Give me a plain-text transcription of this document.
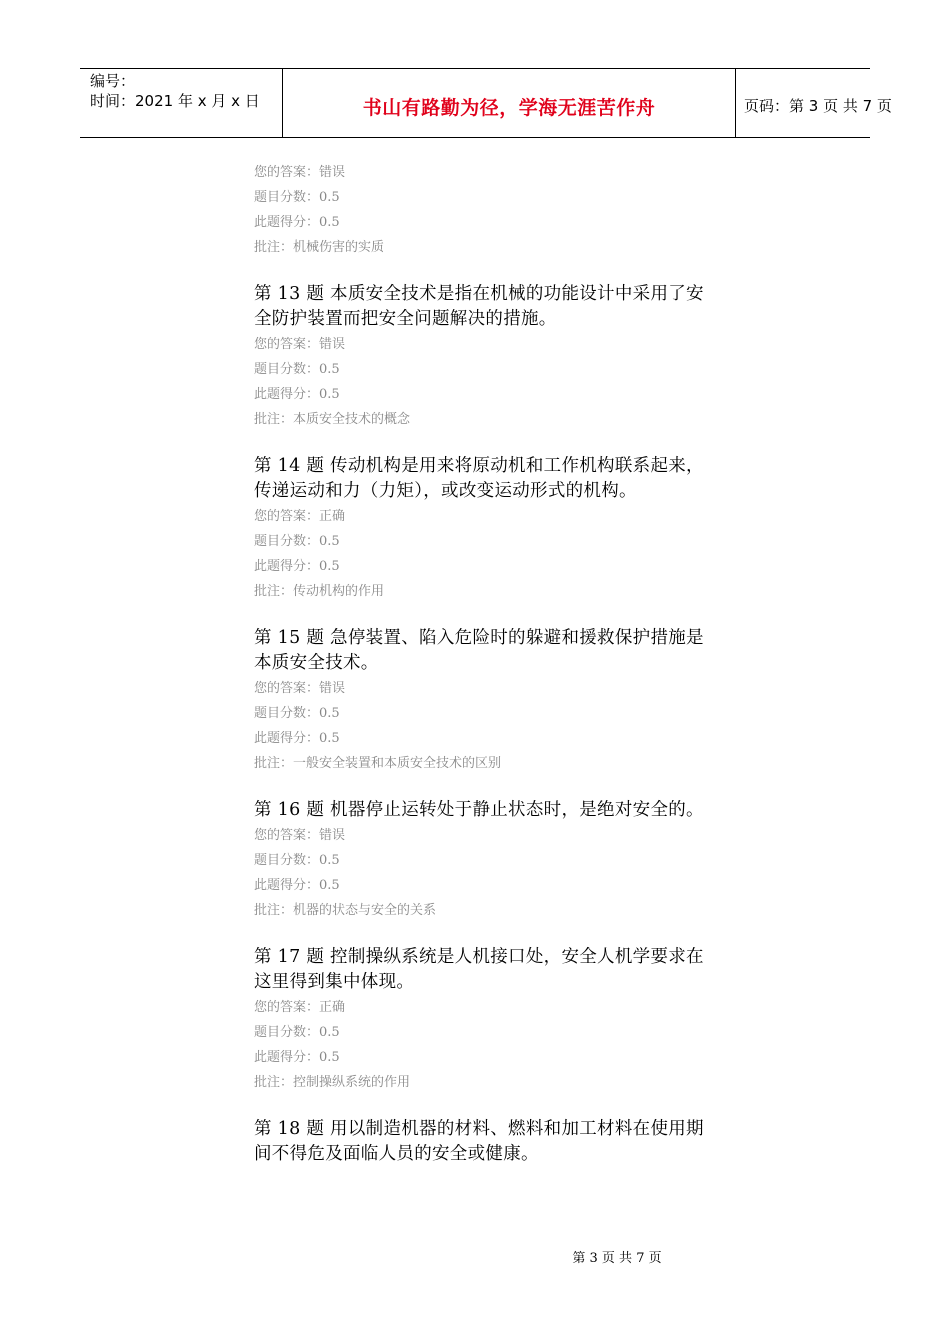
编号：
时间：2021 年 x 月 x 日	书山有路勤为径，学海无涯苦作舟	页码：第 3 页 共 7 页
您的答案：错误
题目分数：0.5
此题得分：0.5
批注：机械伤害的实质
第 13 题 本质安全技术是指在机械的功能设计中采用了安全防护装置而把安全问题解决的措施。
您的答案：错误
题目分数：0.5
此题得分：0.5
批注：本质安全技术的概念
第 14 题 传动机构是用来将原动机和工作机构联系起来，传递运动和力（力矩），或改变运动形式的机构。
您的答案：正确
题目分数：0.5
此题得分：0.5
批注：传动机构的作用
第 15 题 急停装置、陷入危险时的躲避和援救保护措施是本质安全技术。
您的答案：错误
题目分数：0.5
此题得分：0.5
批注：一般安全装置和本质安全技术的区别
第 16 题 机器停止运转处于静止状态时，是绝对安全的。
您的答案：错误
题目分数：0.5
此题得分：0.5
批注：机器的状态与安全的关系
第 17 题 控制操纵系统是人机接口处，安全人机学要求在这里得到集中体现。
您的答案：正确
题目分数：0.5
此题得分：0.5
批注：控制操纵系统的作用
第 18 题 用以制造机器的材料、燃料和加工材料在使用期间不得危及面临人员的安全或健康。
第 3 页 共 7 页
